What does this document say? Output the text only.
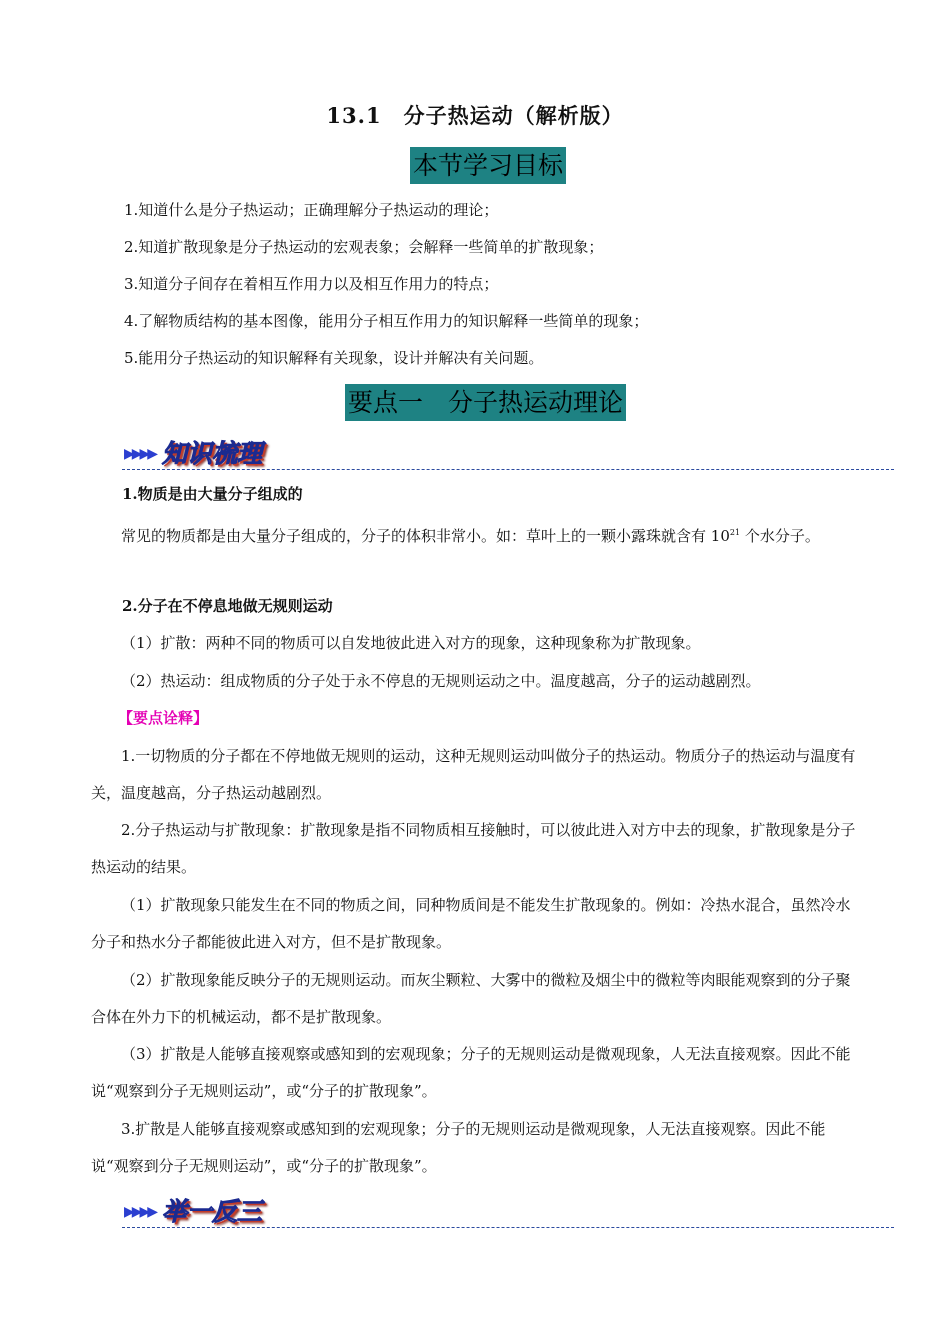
13.1　分子热运动（解析版）
本节学习目标
1.知道什么是分子热运动；正确理解分子热运动的理论；
2.知道扩散现象是分子热运动的宏观表象；会解释一些简单的扩散现象；
3.知道分子间存在着相互作用力以及相互作用力的特点；
4.了解物质结构的基本图像，能用分子相互作用力的知识解释一些简单的现象；
5.能用分子热运动的知识解释有关现象，设计并解决有关问题。
要点一　分子热运动理论
▶▶▶▶ 知识梳理
1.物质是由大量分子组成的
常见的物质都是由大量分子组成的，分子的体积非常小。如：草叶上的一颗小露珠就含有 $10^{21}$ 个水分子。
2.分子在不停息地做无规则运动
（1）扩散：两种不同的物质可以自发地彼此进入对方的现象，这种现象称为扩散现象。
（2）热运动：组成物质的分子处于永不停息的无规则运动之中。温度越高，分子的运动越剧烈。
【要点诠释】
1.一切物质的分子都在不停地做无规则的运动，这种无规则运动叫做分子的热运动。物质分子的热运动与温度有关，温度越高，分子热运动越剧烈。
2.分子热运动与扩散现象：扩散现象是指不同物质相互接触时，可以彼此进入对方中去的现象，扩散现象是分子热运动的结果。
（1）扩散现象只能发生在不同的物质之间，同种物质间是不能发生扩散现象的。例如：冷热水混合，虽然冷水分子和热水分子都能彼此进入对方，但不是扩散现象。
（2）扩散现象能反映分子的无规则运动。而灰尘颗粒、大雾中的微粒及烟尘中的微粒等肉眼能观察到的分子聚合体在外力下的机械运动，都不是扩散现象。
（3）扩散是人能够直接观察或感知到的宏观现象；分子的无规则运动是微观现象，人无法直接观察。因此不能说“观察到分子无规则运动”，或“分子的扩散现象”。
3.扩散是人能够直接观察或感知到的宏观现象；分子的无规则运动是微观现象，人无法直接观察。因此不能说“观察到分子无规则运动”，或“分子的扩散现象”。
▶▶▶▶ 举一反三
